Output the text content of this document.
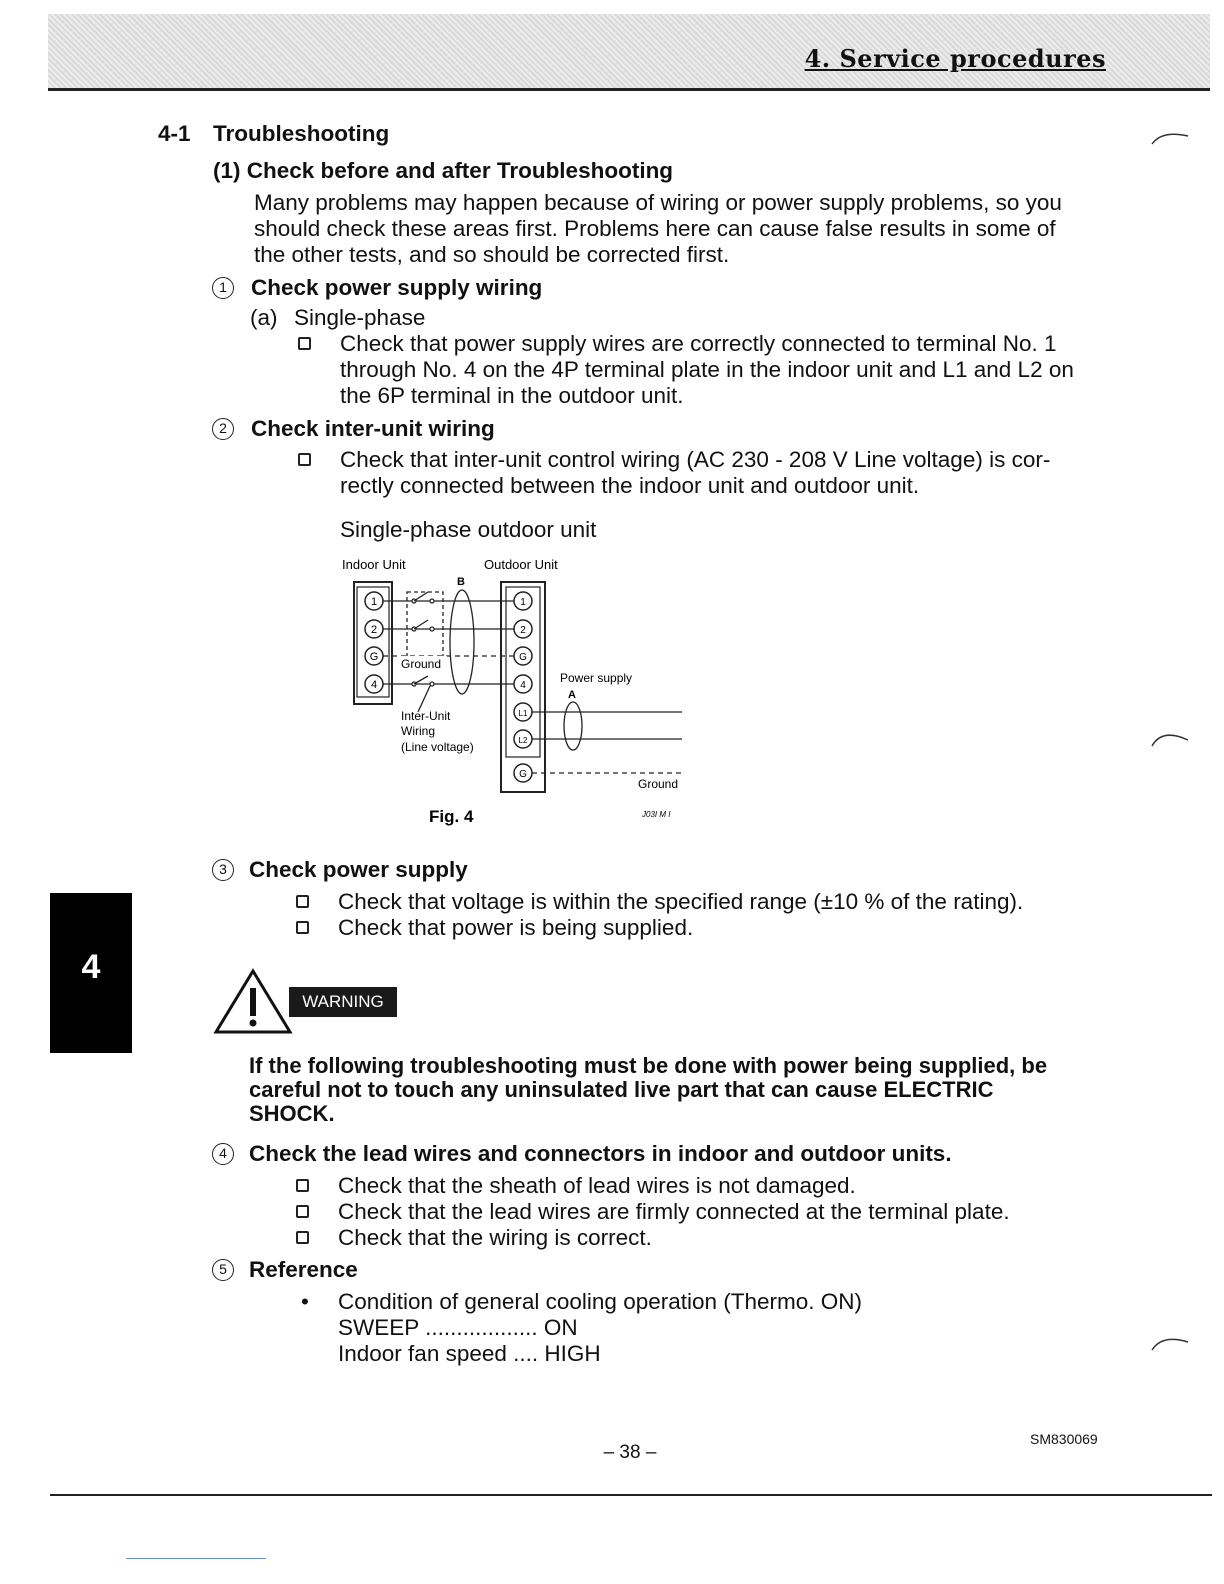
4. Service procedures
4
4-1 Troubleshooting
(1) Check before and after Troubleshooting
Many problems may happen because of wiring or power supply problems, so you
should check these areas first. Problems here can cause false results in some of
the other tests, and so should be corrected first.
1	Check power supply wiring
(a) Single-phase
Check that power supply wires are correctly connected to terminal No. 1
through No. 4 on the 4P terminal plate in the indoor unit and L1 and L2 on
the 6P terminal in the outdoor unit.
2	Check inter-unit wiring
Check that inter-unit control wiring (AC 230 - 208 V Line voltage) is cor-
rectly connected between the indoor unit and outdoor unit.
Single-phase outdoor unit
Indoor Unit	Outdoor Unit
B
1
2
G
4
1
2
G
4
L1
L2
G
Ground
Inter-Unit
Wiring
(Line voltage)
Power supply
A
Ground
Fig. 4	J03I M I
3 Check power supply
Check that voltage is within the specified range (±10 % of the rating).
Check that power is being supplied.
WARNING
If the following troubleshooting must be done with power being supplied, be
careful not to touch any uninsulated live part that can cause ELECTRIC
SHOCK.
4 Check the lead wires and connectors in indoor and outdoor units.
Check that the sheath of lead wires is not damaged.
Check that the lead wires are firmly connected at the terminal plate.
Check that the wiring is correct.
5 Reference
• Condition of general cooling operation (Thermo. ON)
SWEEP .................. ON
Indoor fan speed .... HIGH
– 38 –
SM830069
